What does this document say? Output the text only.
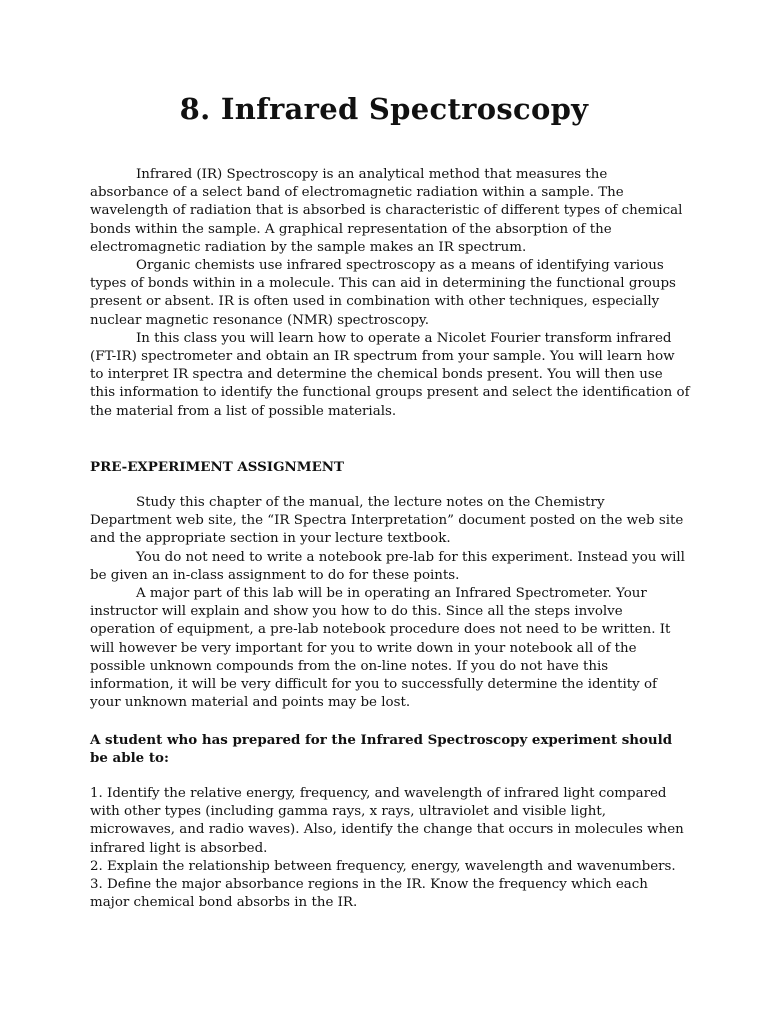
8. Infrared Spectroscopy

Infrared (IR) Spectroscopy is an analytical method that measures the absorbance of a select band of electromagnetic radiation within a sample. The wavelength of radiation that is absorbed is characteristic of different types of chemical bonds within the sample. A graphical representation of the absorption of the electromagnetic radiation by the sample makes an IR spectrum.

Organic chemists use infrared spectroscopy as a means of identifying various types of bonds within in a molecule. This can aid in determining the functional groups present or absent. IR is often used in combination with other techniques, especially nuclear magnetic resonance (NMR) spectroscopy.

In this class you will learn how to operate a Nicolet Fourier transform infrared (FT-IR) spectrometer and obtain an IR spectrum from your sample. You will learn how to interpret IR spectra and determine the chemical bonds present. You will then use this information to identify the functional groups present and select the identification of the material from a list of possible materials.

PRE-EXPERIMENT ASSIGNMENT

Study this chapter of the manual, the lecture notes on the Chemistry Department web site, the “IR Spectra Interpretation” document posted on the web site and the appropriate section in your lecture textbook.

You do not need to write a notebook pre-lab for this experiment. Instead you will be given an in-class assignment to do for these points.

A major part of this lab will be in operating an Infrared Spectrometer. Your instructor will explain and show you how to do this. Since all the steps involve operation of equipment, a pre-lab notebook procedure does not need to be written. It will however be very important for you to write down in your notebook all of the possible unknown compounds from the on-line notes. If you do not have this information, it will be very difficult for you to successfully determine the identity of your unknown material and points may be lost.

A student who has prepared for the Infrared Spectroscopy experiment should be able to:

1. Identify the relative energy, frequency, and wavelength of infrared light compared with other types (including gamma rays, x rays, ultraviolet and visible light, microwaves, and radio waves). Also, identify the change that occurs in molecules when infrared light is absorbed.

2. Explain the relationship between frequency, energy, wavelength and wavenumbers.

3. Define the major absorbance regions in the IR. Know the frequency which each major chemical bond absorbs in the IR.
